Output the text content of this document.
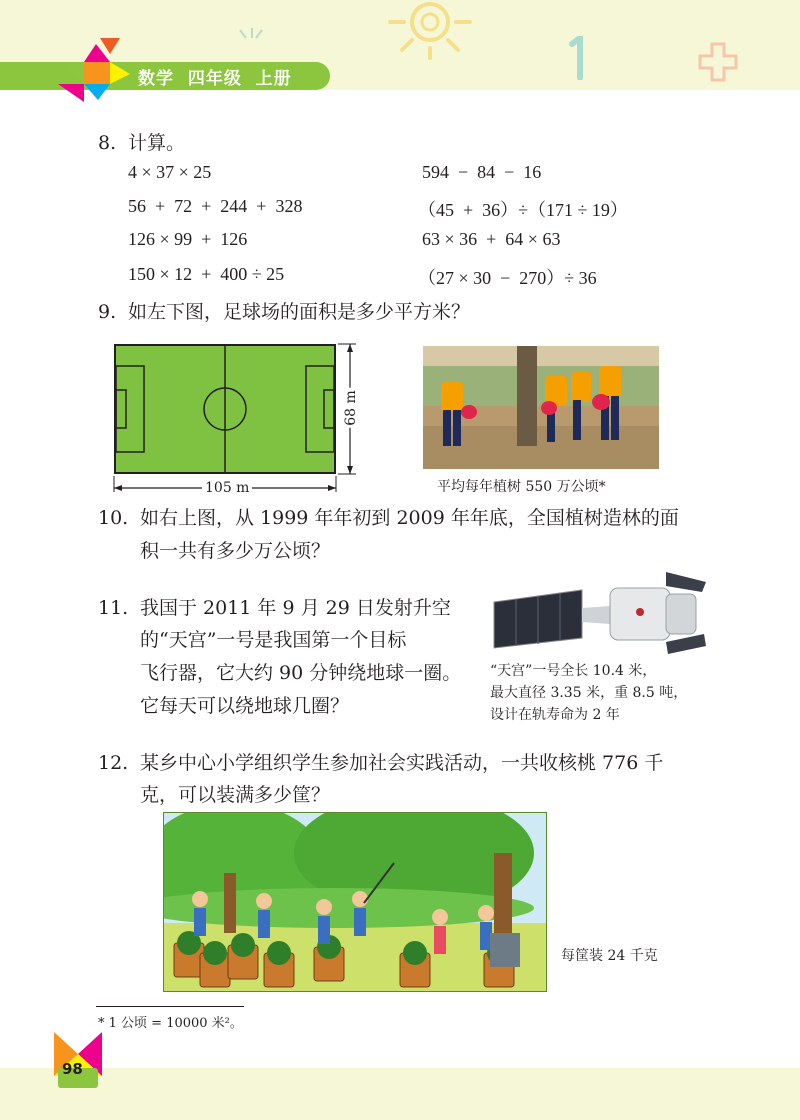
数学  四年级  上册
8. 计算。
4 × 37 × 25
56  +  72  +  244  +  328
126 × 99  +  126
150 × 12  +  400 ÷ 25
594  −  84  −  16
（45  +  36）÷（171 ÷ 19）
63 × 36  +  64 × 63
（27 × 30  −  270）÷ 36
9. 如左下图，足球场的面积是多少平方米？
105 m
68 m
平均每年植树 550 万公顷*
10. 如右上图，从 1999 年年初到 2009 年年底，全国植树造林的面
积一共有多少万公顷？
11. 我国于 2011 年 9 月 29 日发射升空
的“天宫”一号是我国第一个目标
飞行器，它大约 90 分钟绕地球一圈。
它每天可以绕地球几圈？
“天宫”一号全长 10.4 米，
最大直径 3.35 米，重 8.5 吨，
设计在轨寿命为 2 年
12. 某乡中心小学组织学生参加社会实践活动，一共收核桃 776 千
克，可以装满多少筐？
每筐装 24 千克
* 1 公顷 = 10000 米²。
98
